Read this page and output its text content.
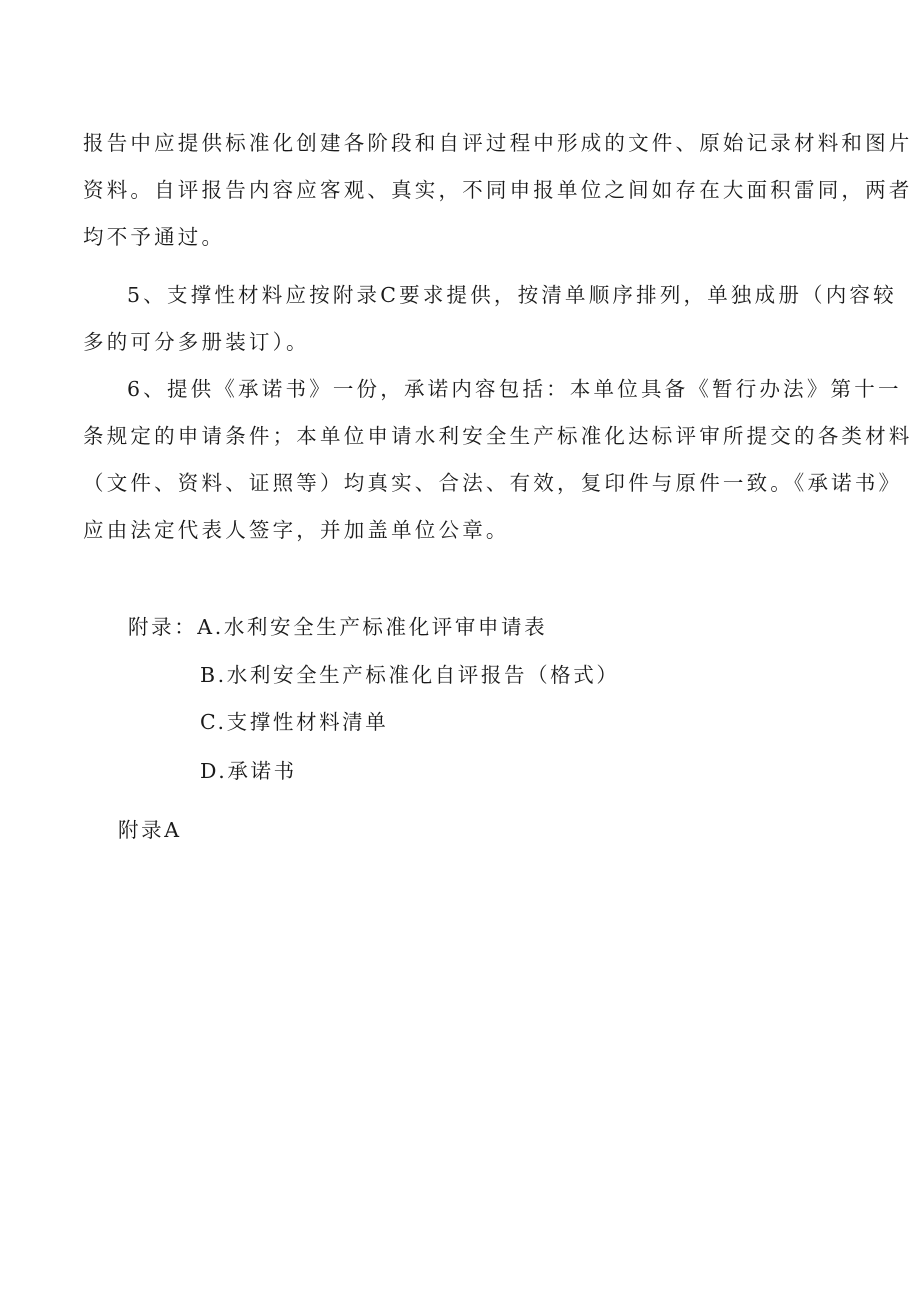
报告中应提供标准化创建各阶段和自评过程中形成的文件、原始记录材料和图片
资料。自评报告内容应客观、真实，不同申报单位之间如存在大面积雷同，两者
均不予通过。
5、支撑性材料应按附录C要求提供，按清单顺序排列，单独成册（内容较
多的可分多册装订）。
6、提供《承诺书》一份，承诺内容包括：本单位具备《暂行办法》第十一
条规定的申请条件；本单位申请水利安全生产标准化达标评审所提交的各类材料
（文件、资料、证照等）均真实、合法、有效，复印件与原件一致。《承诺书》
应由法定代表人签字，并加盖单位公章。
附录：A.水利安全生产标准化评审申请表
B.水利安全生产标准化自评报告（格式）
C.支撑性材料清单
D.承诺书
附录A
